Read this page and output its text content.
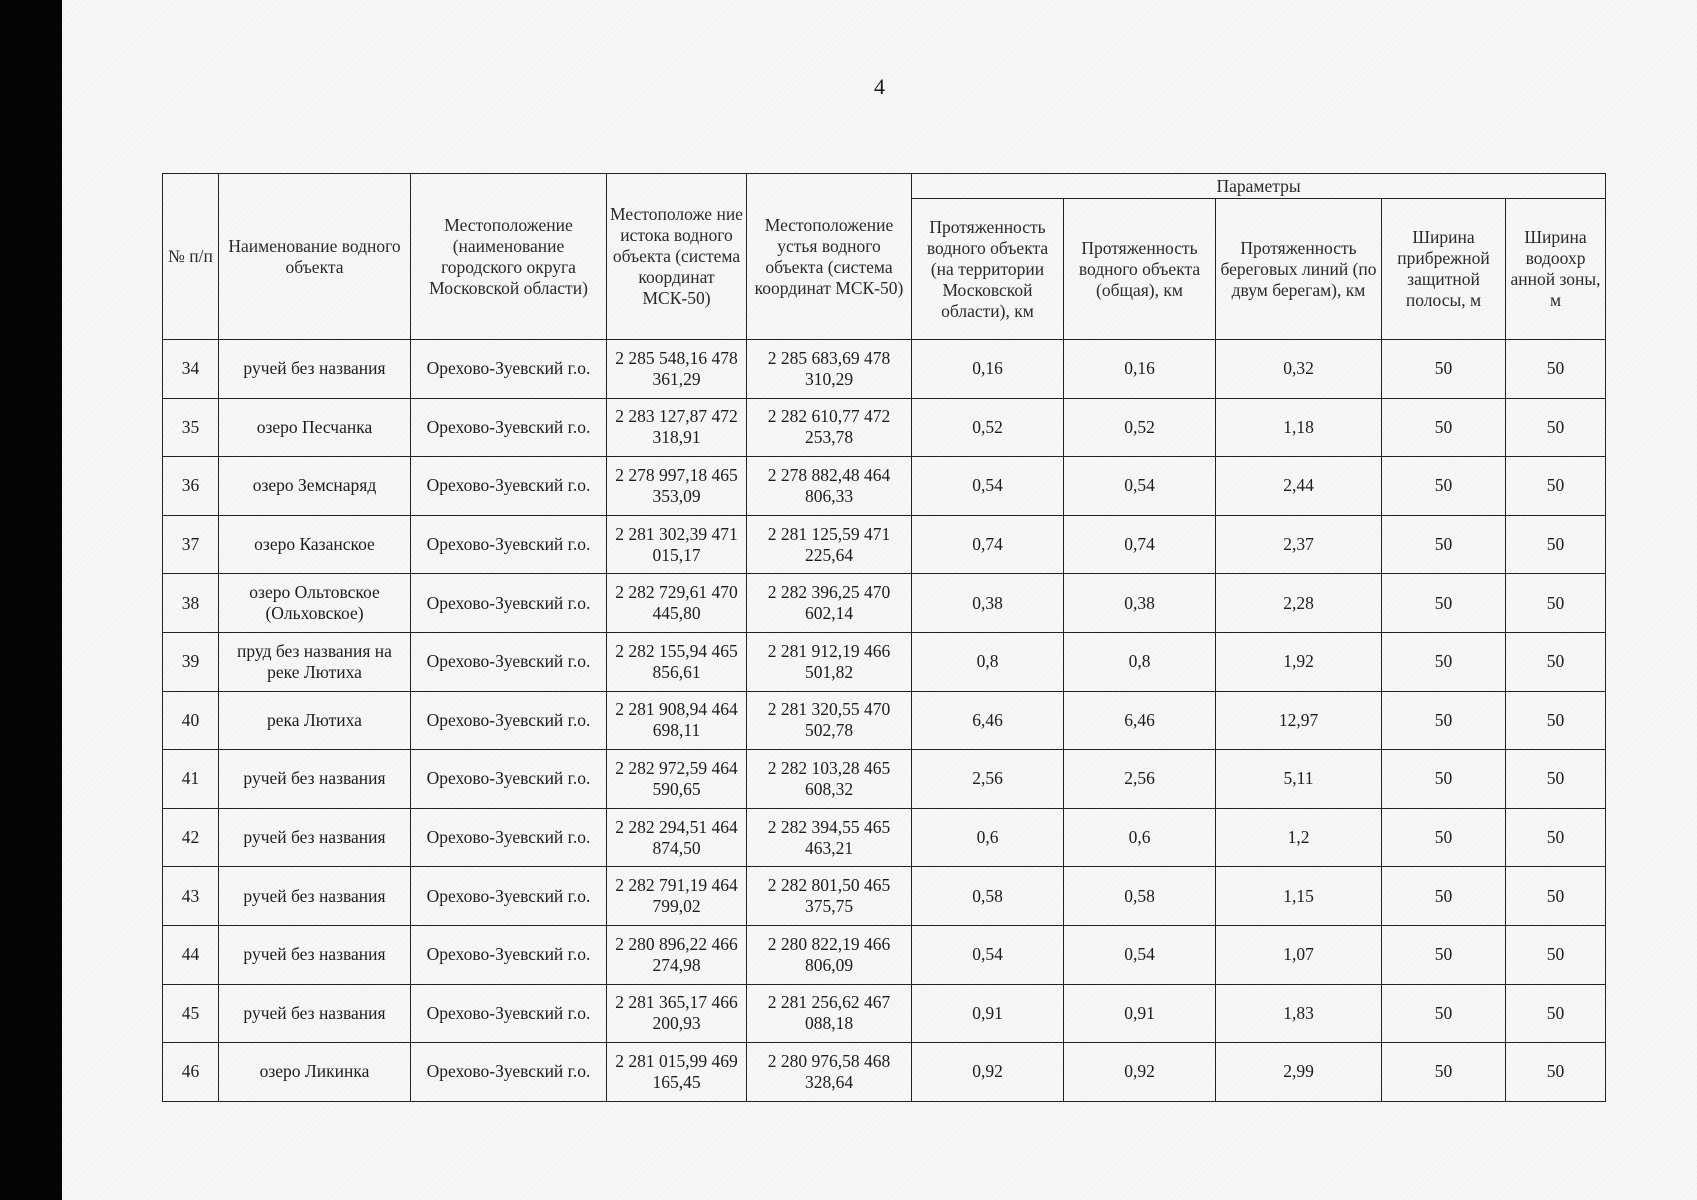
4
№ п/п	Наименование водного объекта	Местоположение (наименование городского округа Московской области)	Местоположе ние истока водного объекта (система координат МСК-50)	Местоположение устья водного объекта (система координат МСК-50)	Параметры				
					Протяженность водного объекта (на территории Московской области), км	Протяженность водного объекта (общая), км	Протяженность береговых линий (по двум берегам), км	Ширина прибрежной защитной полосы, м	Ширина водоохр анной зоны, м
34	ручей без названия	Орехово-Зуевский г.о.	2 285 548,16 478 361,29	2 285 683,69 478 310,29	0,16	0,16	0,32	50	50
35	озеро Песчанка	Орехово-Зуевский г.о.	2 283 127,87 472 318,91	2 282 610,77 472 253,78	0,52	0,52	1,18	50	50
36	озеро Земснаряд	Орехово-Зуевский г.о.	2 278 997,18 465 353,09	2 278 882,48 464 806,33	0,54	0,54	2,44	50	50
37	озеро Казанское	Орехово-Зуевский г.о.	2 281 302,39 471 015,17	2 281 125,59 471 225,64	0,74	0,74	2,37	50	50
38	озеро Ольтовское (Ольховское)	Орехово-Зуевский г.о.	2 282 729,61 470 445,80	2 282 396,25 470 602,14	0,38	0,38	2,28	50	50
39	пруд без названия на реке Лютиха	Орехово-Зуевский г.о.	2 282 155,94 465 856,61	2 281 912,19 466 501,82	0,8	0,8	1,92	50	50
40	река Лютиха	Орехово-Зуевский г.о.	2 281 908,94 464 698,11	2 281 320,55 470 502,78	6,46	6,46	12,97	50	50
41	ручей без названия	Орехово-Зуевский г.о.	2 282 972,59 464 590,65	2 282 103,28 465 608,32	2,56	2,56	5,11	50	50
42	ручей без названия	Орехово-Зуевский г.о.	2 282 294,51 464 874,50	2 282 394,55 465 463,21	0,6	0,6	1,2	50	50
43	ручей без названия	Орехово-Зуевский г.о.	2 282 791,19 464 799,02	2 282 801,50 465 375,75	0,58	0,58	1,15	50	50
44	ручей без названия	Орехово-Зуевский г.о.	2 280 896,22 466 274,98	2 280 822,19 466 806,09	0,54	0,54	1,07	50	50
45	ручей без названия	Орехово-Зуевский г.о.	2 281 365,17 466 200,93	2 281 256,62 467 088,18	0,91	0,91	1,83	50	50
46	озеро Ликинка	Орехово-Зуевский г.о.	2 281 015,99 469 165,45	2 280 976,58 468 328,64	0,92	0,92	2,99	50	50
